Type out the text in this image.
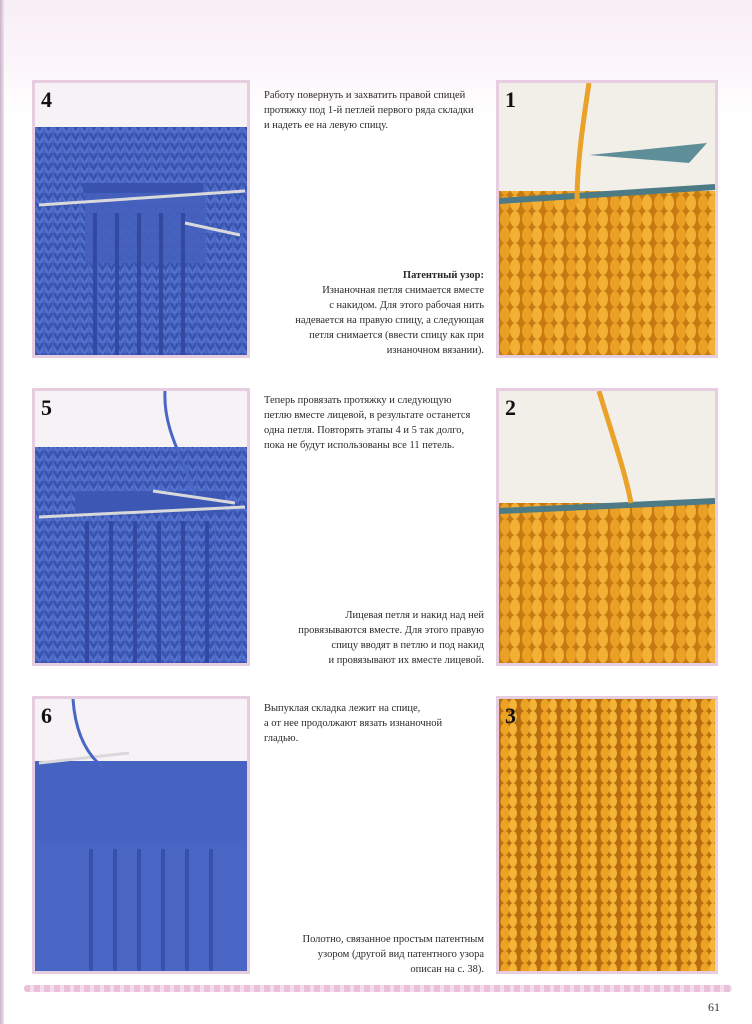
4
5
6
1
2
3
Работу повернуть и захватить правой спицей
протяжку под 1-й петлей первого ряда складки
и надеть ее на левую спицу.
Патентный узор:
Изнаночная петля снимается вместе
с накидом. Для этого рабочая нить
надевается на правую спицу, а следующая
петля снимается (ввести спицу как при
изнаночном вязании).
Теперь провязать протяжку и следующую
петлю вместе лицевой, в результате останется
одна петля. Повторять этапы 4 и 5 так долго,
пока не будут использованы все 11 петель.
Лицевая петля и накид над ней
провязываются вместе. Для этого правую
спицу вводят в петлю и под накид
и провязывают их вместе лицевой.
Выпуклая складка лежит на спице,
а от нее продолжают вязать изнаночной
гладью.
Полотно, связанное простым патентным
узором (другой вид патентного узора
описан на с. 38).
61
